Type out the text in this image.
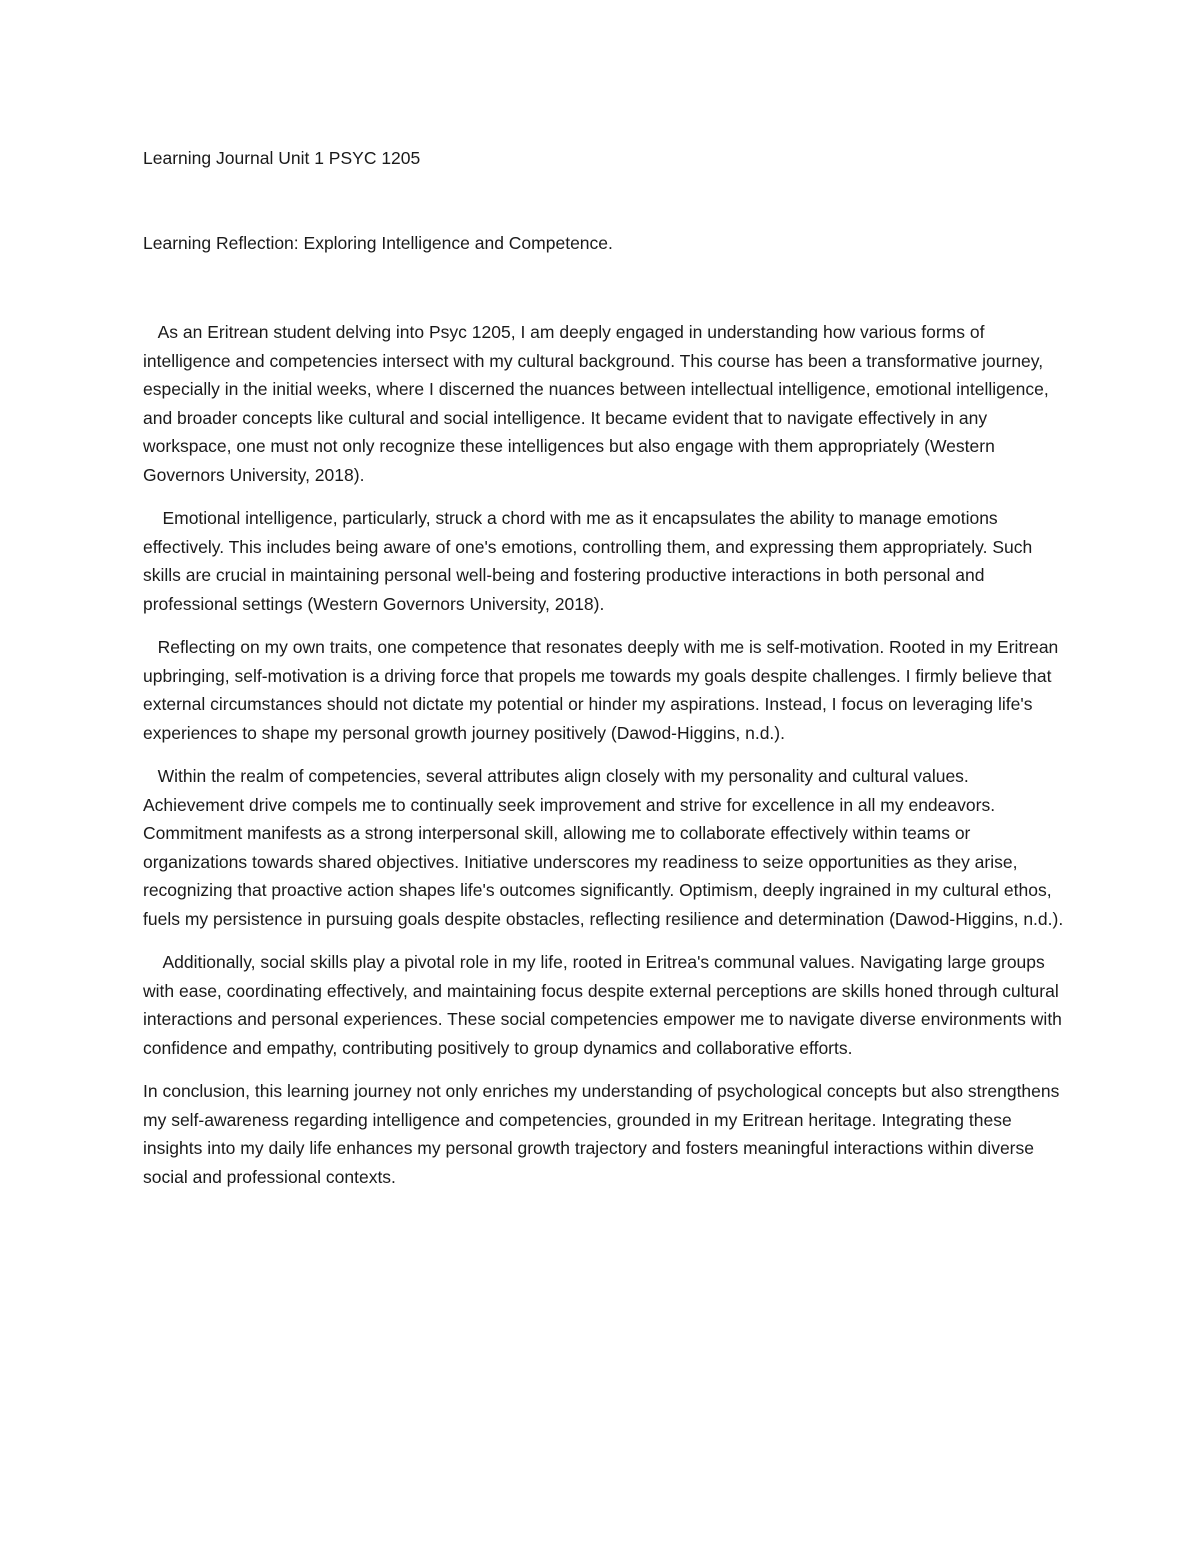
Learning Journal Unit 1 PSYC 1205
Learning Reflection: Exploring Intelligence and Competence.

As an Eritrean student delving into Psyc 1205, I am deeply engaged in understanding how various forms of intelligence and competencies intersect with my cultural background. This course has been a transformative journey, especially in the initial weeks, where I discerned the nuances between intellectual intelligence, emotional intelligence, and broader concepts like cultural and social intelligence. It became evident that to navigate effectively in any workspace, one must not only recognize these intelligences but also engage with them appropriately (Western Governors University, 2018).

Emotional intelligence, particularly, struck a chord with me as it encapsulates the ability to manage emotions effectively. This includes being aware of one's emotions, controlling them, and expressing them appropriately. Such skills are crucial in maintaining personal well-being and fostering productive interactions in both personal and professional settings (Western Governors University, 2018).

Reflecting on my own traits, one competence that resonates deeply with me is self-motivation. Rooted in my Eritrean upbringing, self-motivation is a driving force that propels me towards my goals despite challenges. I firmly believe that external circumstances should not dictate my potential or hinder my aspirations. Instead, I focus on leveraging life's experiences to shape my personal growth journey positively (Dawod-Higgins, n.d.).

Within the realm of competencies, several attributes align closely with my personality and cultural values. Achievement drive compels me to continually seek improvement and strive for excellence in all my endeavors. Commitment manifests as a strong interpersonal skill, allowing me to collaborate effectively within teams or organizations towards shared objectives. Initiative underscores my readiness to seize opportunities as they arise, recognizing that proactive action shapes life's outcomes significantly. Optimism, deeply ingrained in my cultural ethos, fuels my persistence in pursuing goals despite obstacles, reflecting resilience and determination (Dawod-Higgins, n.d.).

Additionally, social skills play a pivotal role in my life, rooted in Eritrea's communal values. Navigating large groups with ease, coordinating effectively, and maintaining focus despite external perceptions are skills honed through cultural interactions and personal experiences. These social competencies empower me to navigate diverse environments with confidence and empathy, contributing positively to group dynamics and collaborative efforts.

In conclusion, this learning journey not only enriches my understanding of psychological concepts but also strengthens my self-awareness regarding intelligence and competencies, grounded in my Eritrean heritage. Integrating these insights into my daily life enhances my personal growth trajectory and fosters meaningful interactions within diverse social and professional contexts.
